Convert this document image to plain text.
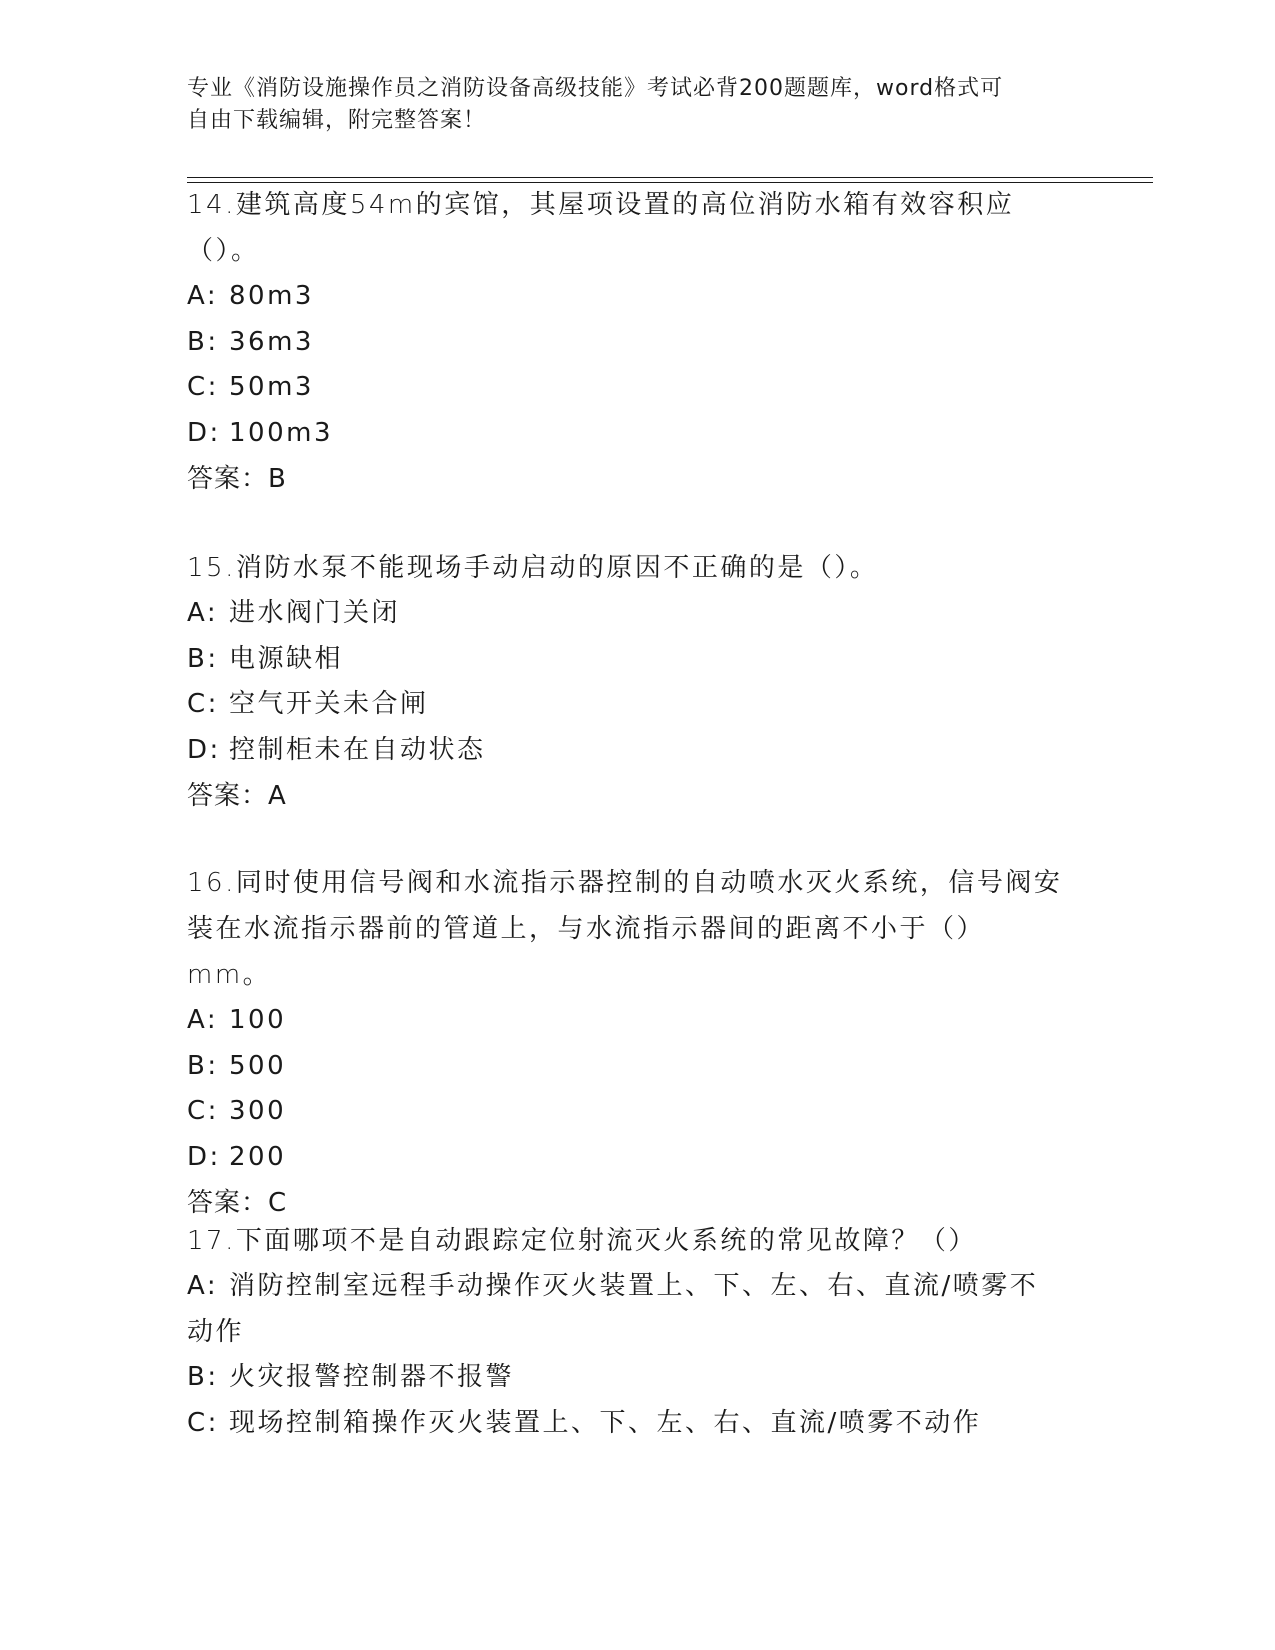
专业《消防设施操作员之消防设备高级技能》考试必背200题题库，word格式可
自由下载编辑，附完整答案！

14.建筑高度54m的宾馆，其屋项设置的高位消防水箱有效容积应（）。

A: 80m3

B: 36m3

C: 50m3

D: 100m3

答案：B

15.消防水泵不能现场手动启动的原因不正确的是（）。

A: 进水阀门关闭

B: 电源缺相

C: 空气开关未合闸

D: 控制柜未在自动状态

答案：A

16.同时使用信号阀和水流指示器控制的自动喷水灭火系统，信号阀安装在水流指示器前的管道上，与水流指示器间的距离不小于（）mm。

A: 100

B: 500

C: 300

D: 200

答案：C

17.下面哪项不是自动跟踪定位射流灭火系统的常见故障？（）

A: 消防控制室远程手动操作灭火装置上、下、左、右、直流/喷雾不动作

B: 火灾报警控制器不报警

C: 现场控制箱操作灭火装置上、下、左、右、直流/喷雾不动作
